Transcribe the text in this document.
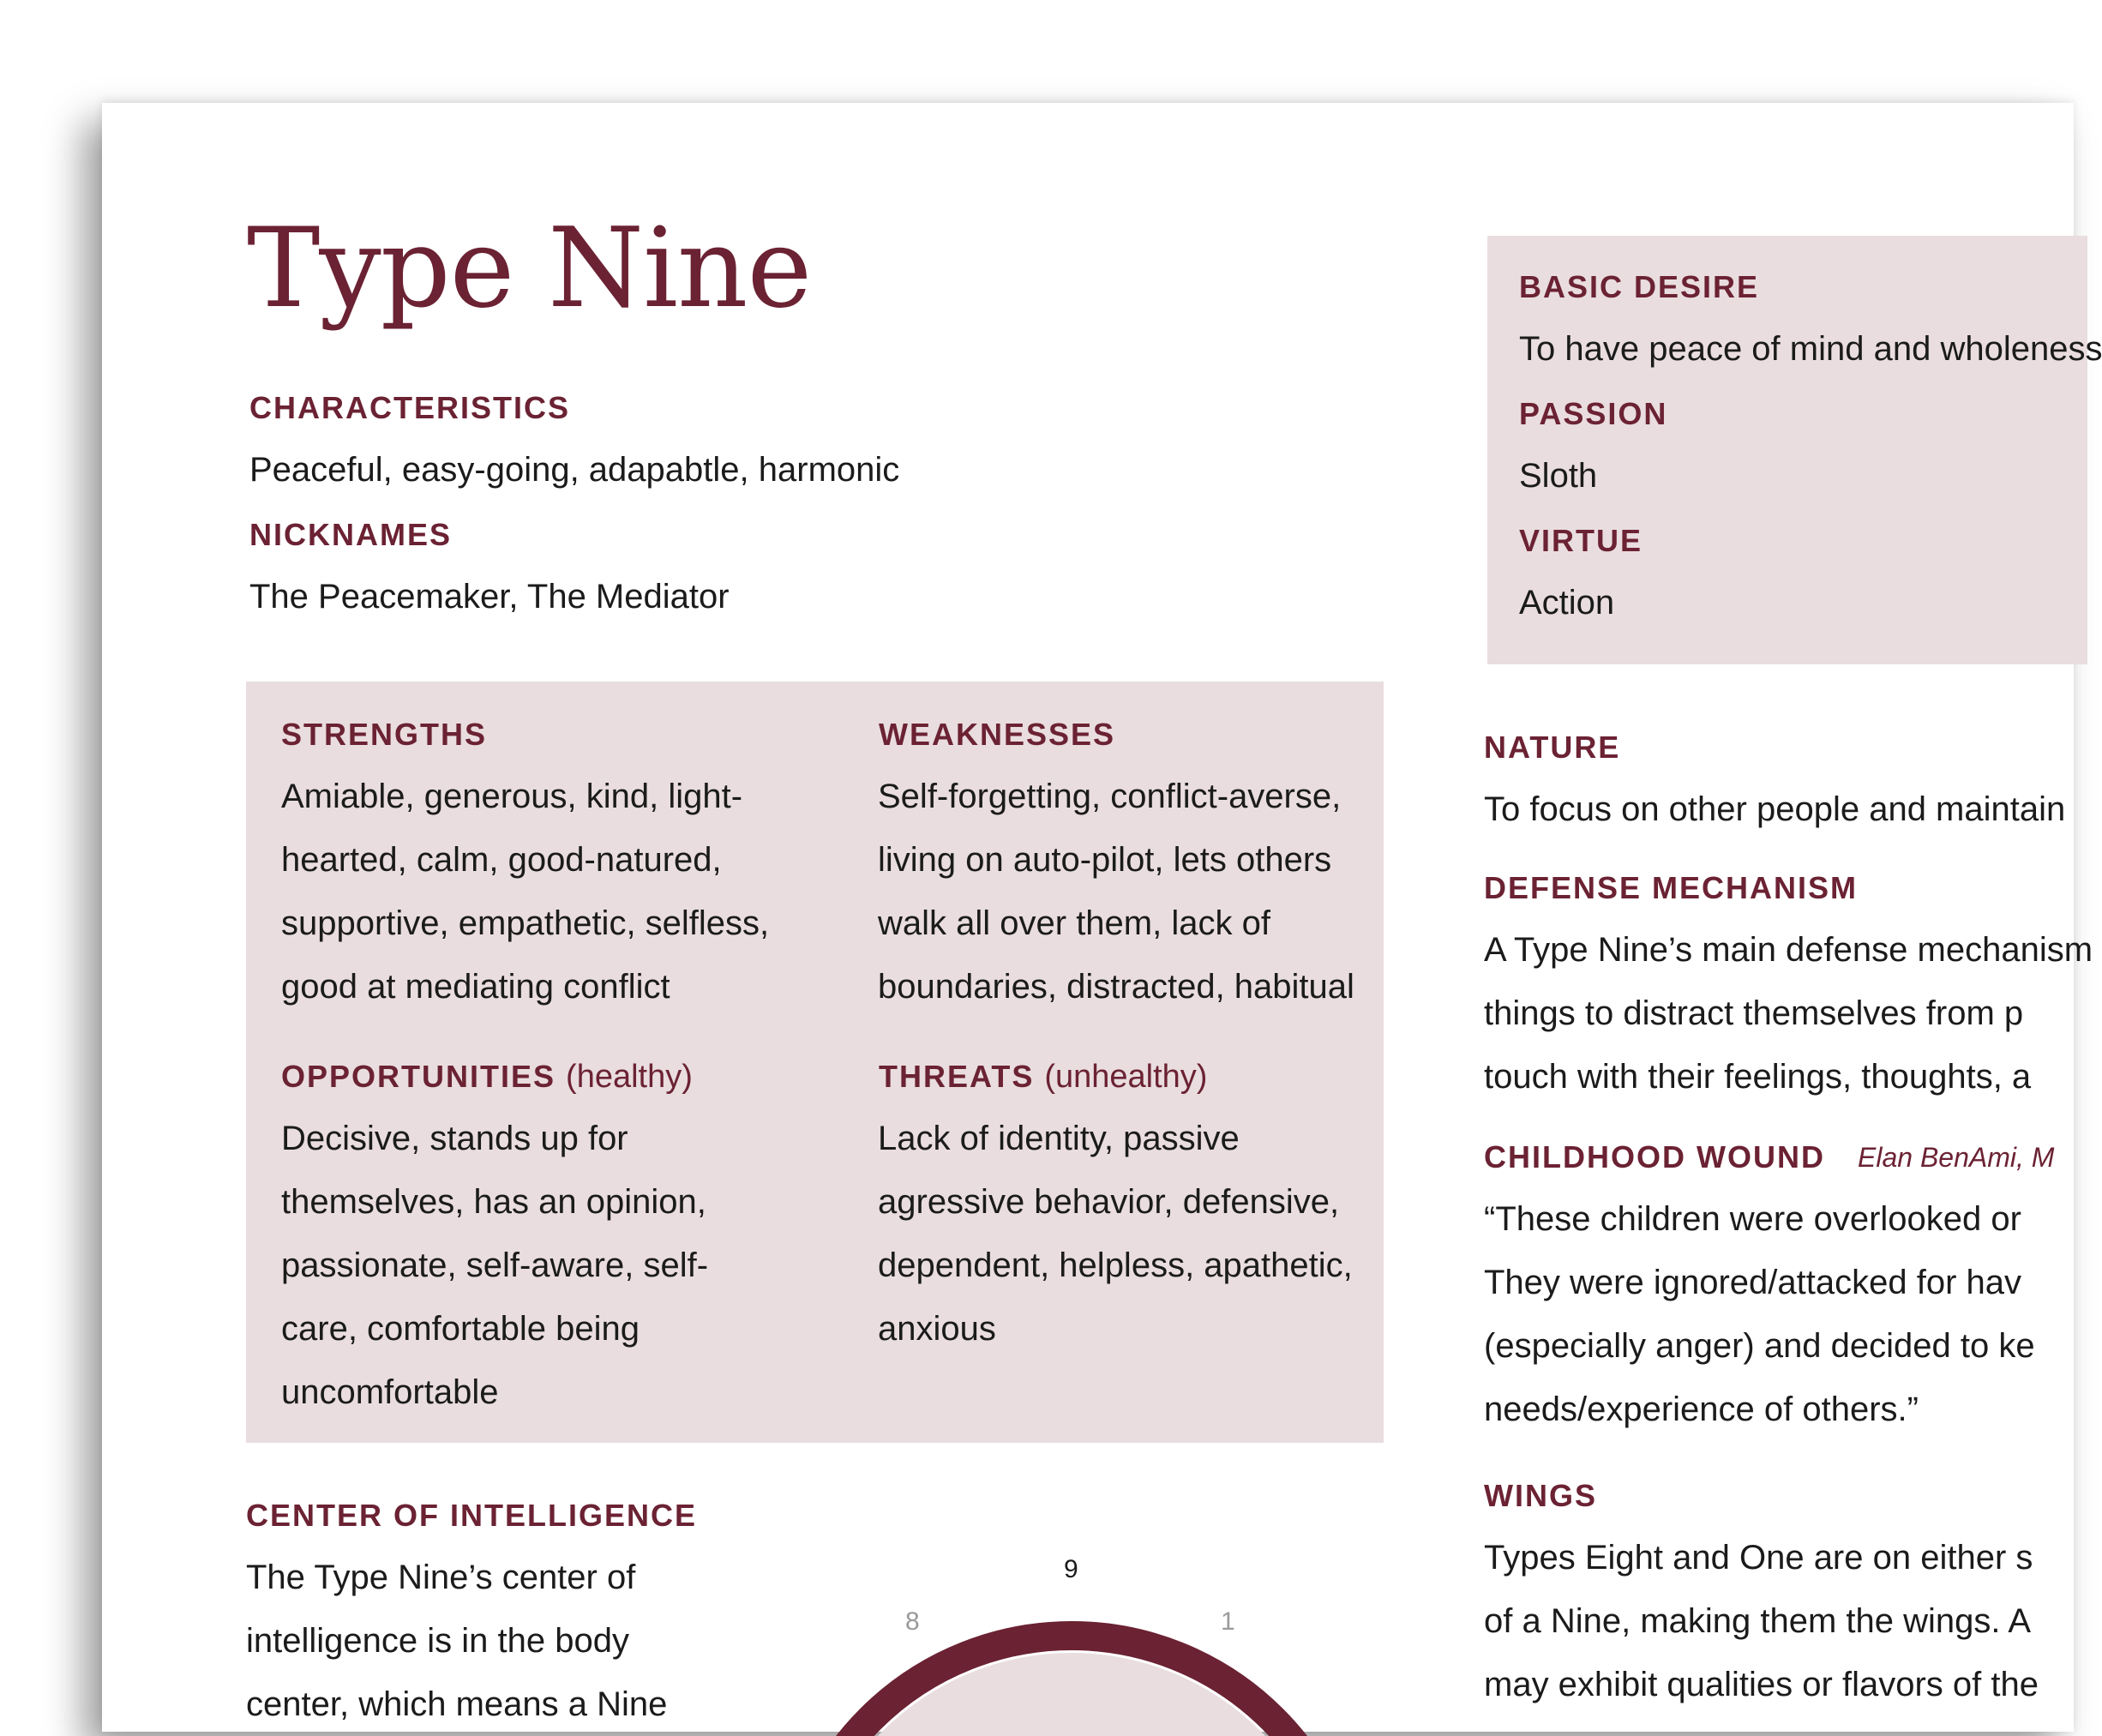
Type Nine
CHARACTERISTICS
Peaceful, easy-going, adapabtle, harmonic
NICKNAMES
The Peacemaker, The Mediator
STRENGTHS
Amiable, generous, kind, light-
hearted, calm, good-natured,
supportive, empathetic, selfless,
good at mediating conflict
WEAKNESSES
Self-forgetting, conflict-averse,
living on auto-pilot, lets others
walk all over them, lack of
boundaries, distracted, habitual
OPPORTUNITIES (healthy)
Decisive, stands up for
themselves, has an opinion,
passionate, self-aware, self-
care, comfortable being
uncomfortable
THREATS (unhealthy)
Lack of identity, passive
agressive behavior, defensive,
dependent, helpless, apathetic,
anxious
CENTER OF INTELLIGENCE
The Type Nine’s center of
intelligence is in the body
center, which means a Nine
9
8	1
BASIC DESIRE
To have peace of mind and wholeness
PASSION
Sloth
VIRTUE
Action
NATURE
To focus on other people and maintain
DEFENSE MECHANISM
A Type Nine’s main defense mechanism
things to distract themselves from p
touch with their feelings, thoughts, a
CHILDHOOD WOUND Elan BenAmi, M
“These children were overlooked or
They were ignored/attacked for hav
(especially anger) and decided to ke
needs/experience of others.”
WINGS
Types Eight and One are on either s
of a Nine, making them the wings. A
may exhibit qualities or flavors of the
